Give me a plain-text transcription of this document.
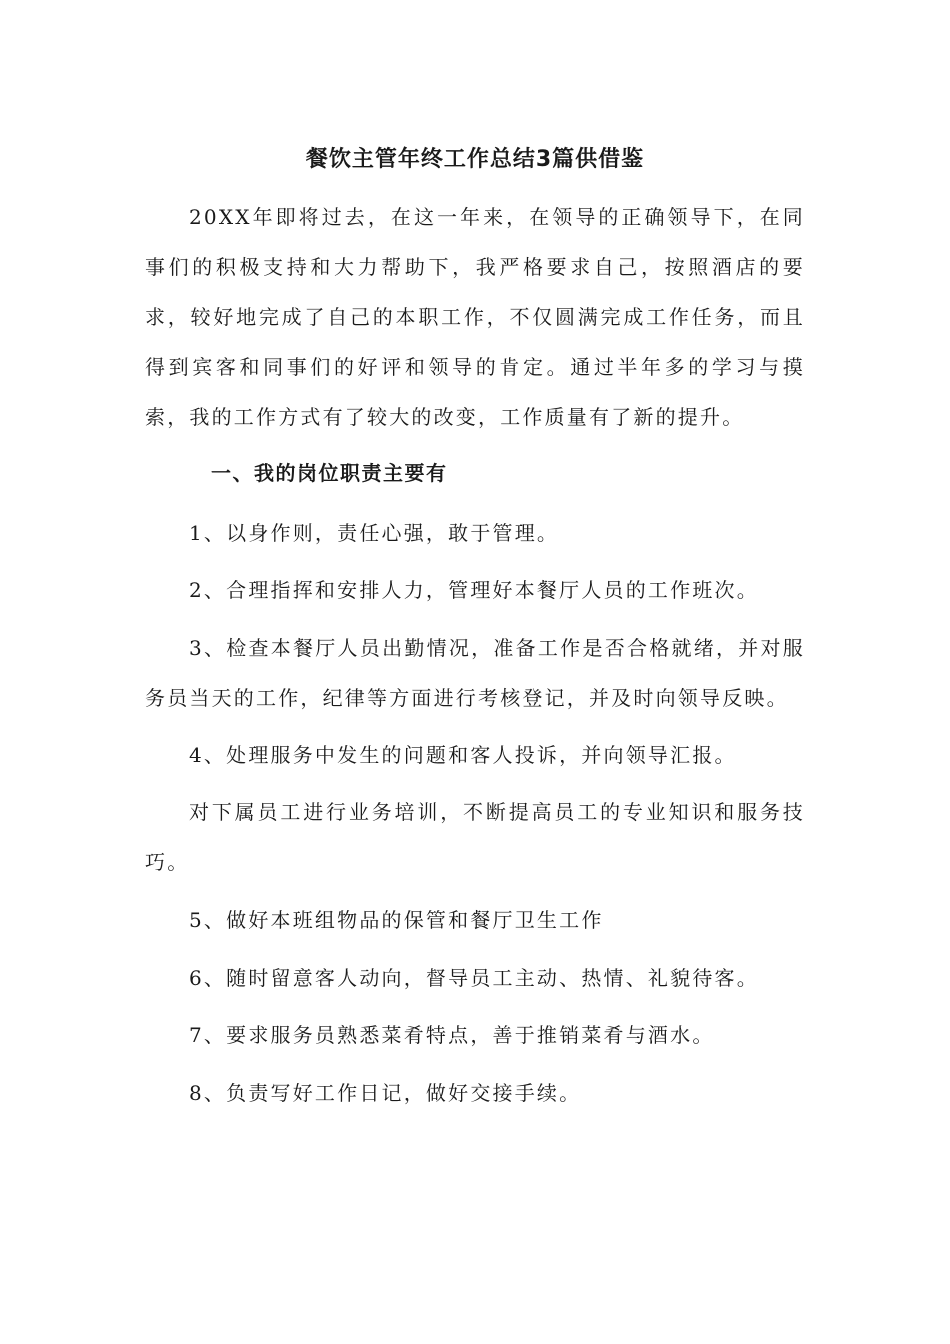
餐饮主管年终工作总结3篇供借鉴

20XX年即将过去，在这一年来，在领导的正确领导下，在同事们的积极支持和大力帮助下，我严格要求自己，按照酒店的要求，较好地完成了自己的本职工作，不仅圆满完成工作任务，而且得到宾客和同事们的好评和领导的肯定。通过半年多的学习与摸索，我的工作方式有了较大的改变，工作质量有了新的提升。

一、我的岗位职责主要有

1、以身作则，责任心强，敢于管理。

2、合理指挥和安排人力，管理好本餐厅人员的工作班次。

3、检查本餐厅人员出勤情况，准备工作是否合格就绪，并对服务员当天的工作，纪律等方面进行考核登记，并及时向领导反映。

4、处理服务中发生的问题和客人投诉，并向领导汇报。

对下属员工进行业务培训，不断提高员工的专业知识和服务技巧。

5、做好本班组物品的保管和餐厅卫生工作

6、随时留意客人动向，督导员工主动、热情、礼貌待客。

7、要求服务员熟悉菜肴特点，善于推销菜肴与酒水。

8、负责写好工作日记，做好交接手续。
